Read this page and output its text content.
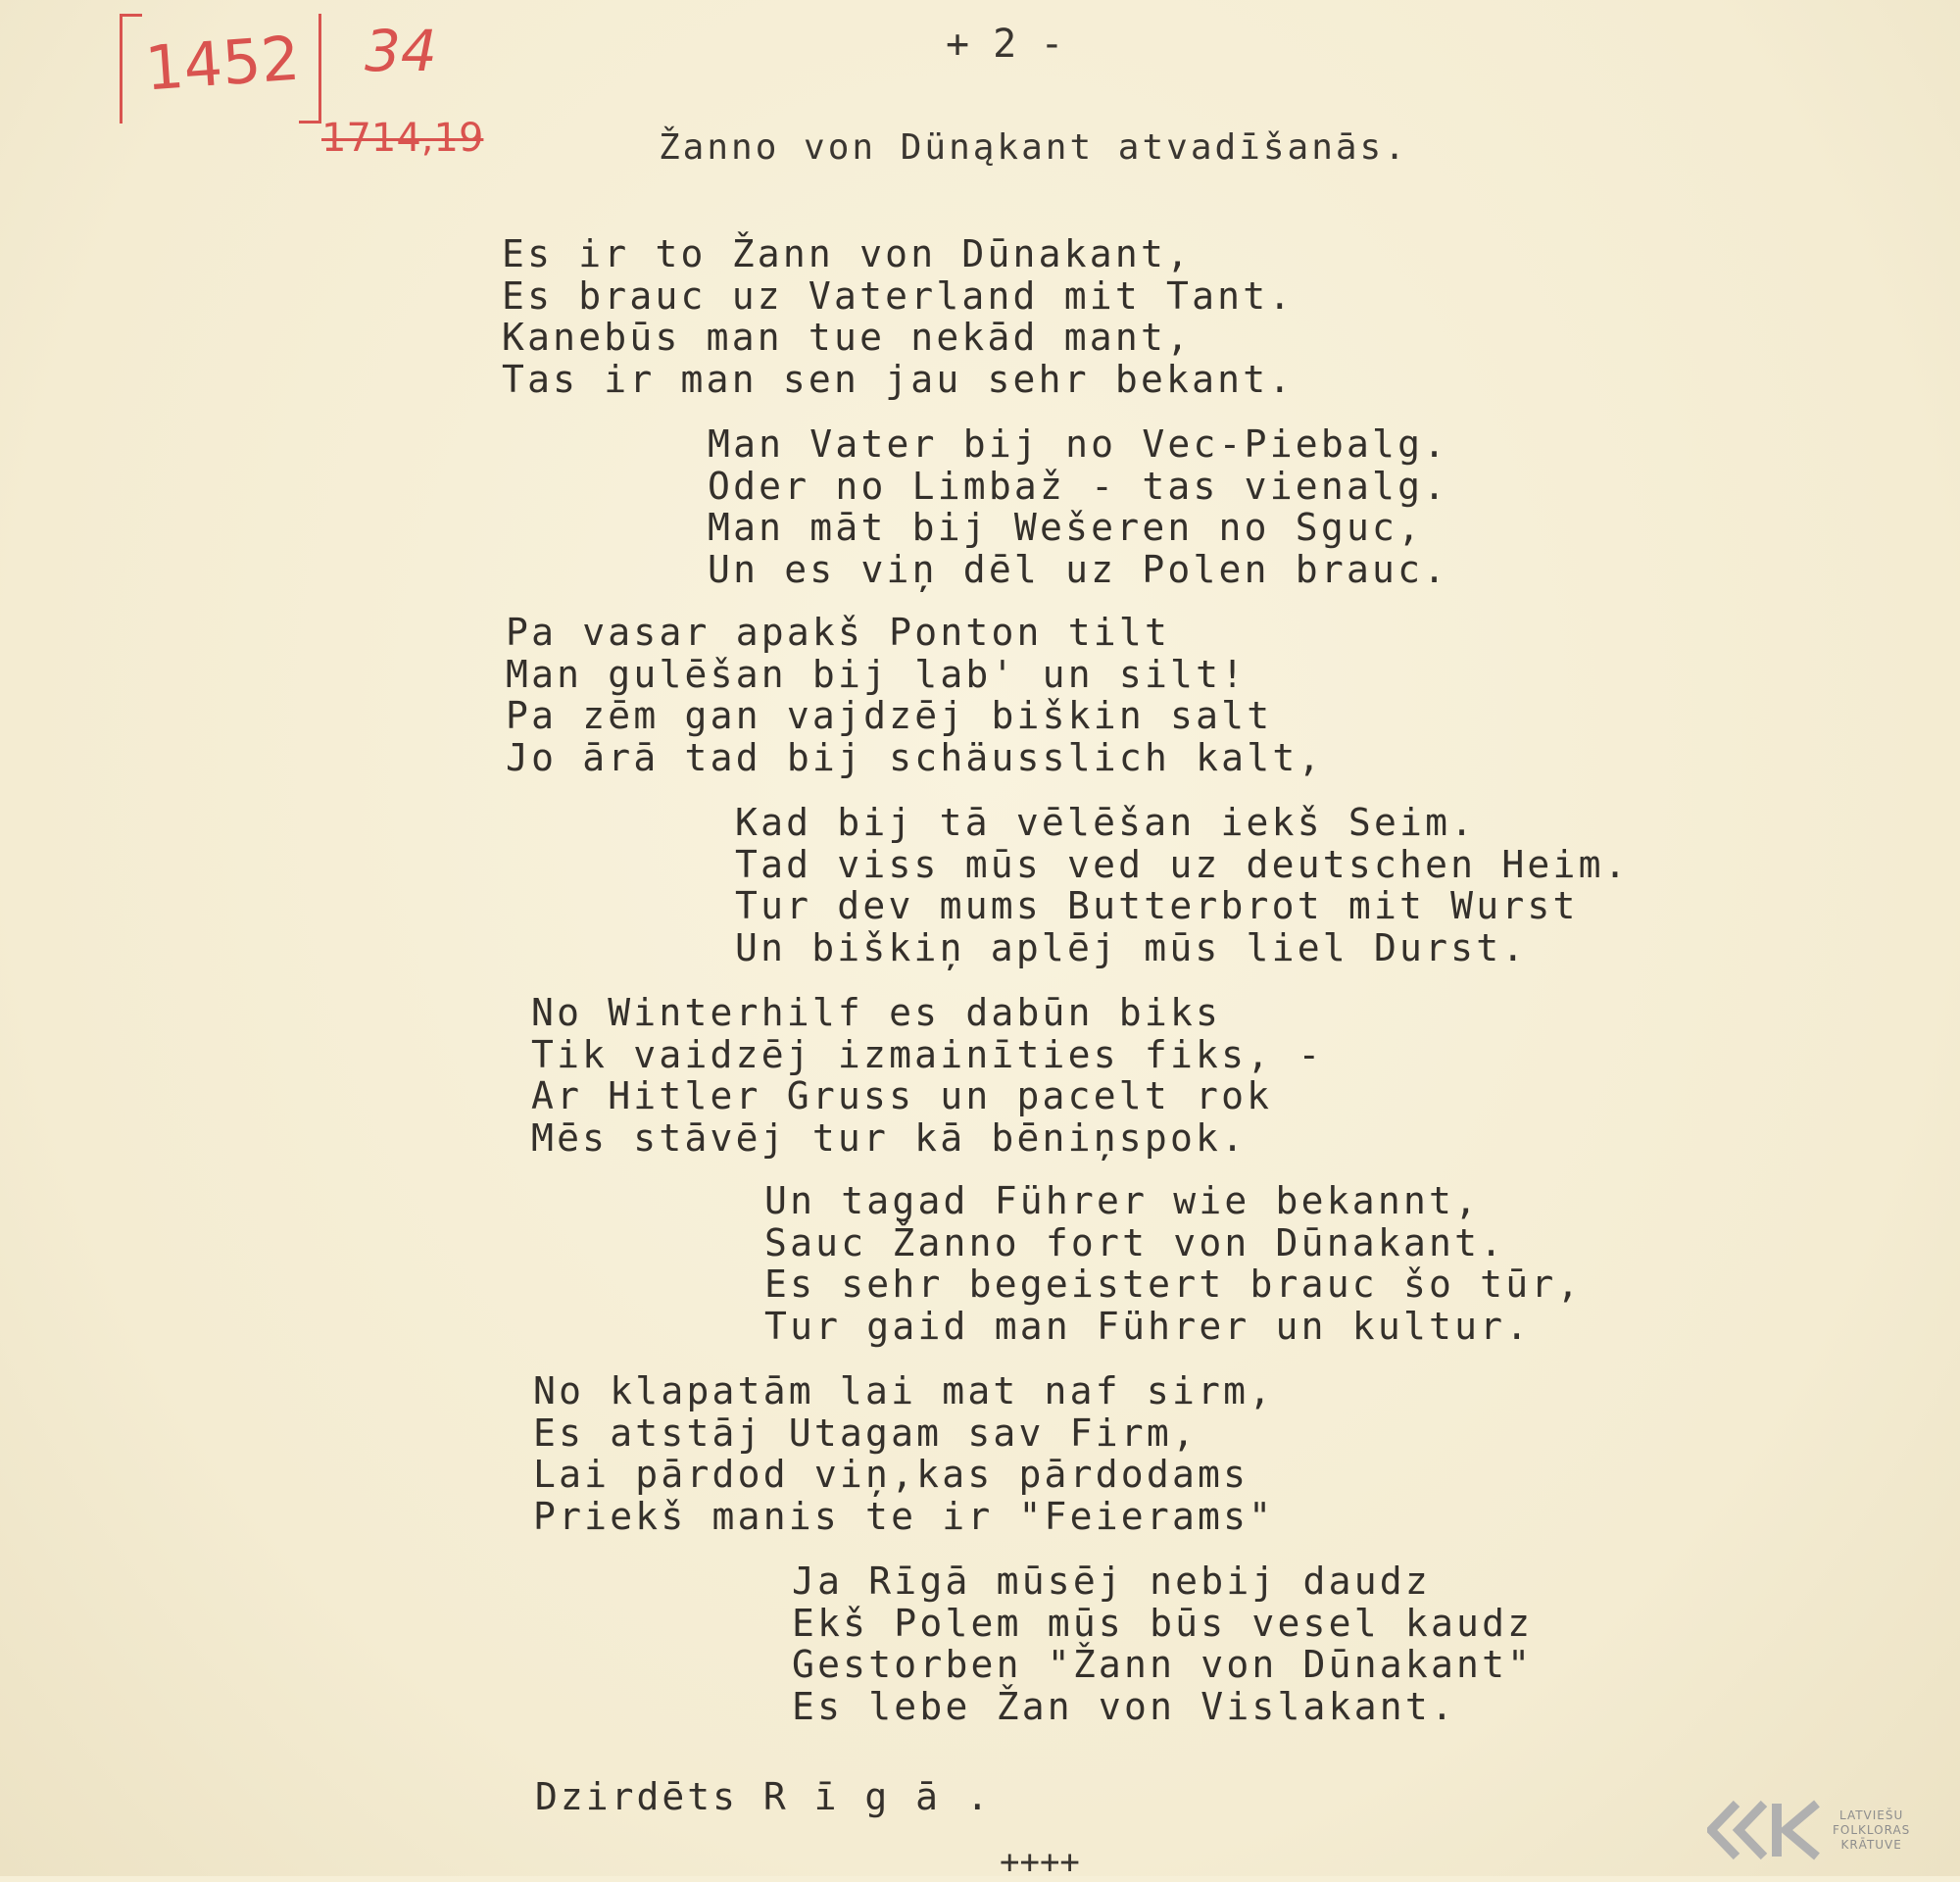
1452 34
1714,19
+ 2 -
Žanno von Dünąkant atvadīšanās.
Es ir to Žann von Dūnakant,
Es brauc uz Vaterland mit Tant.
Kanebūs man tue nekād mant,
Tas ir man sen jau sehr bekant.
Man Vater bij no Vec-Piebalg.
Oder no Limbaž - tas vienalg.
Man māt bij Wešeren no Sguc,
Un es viņ dēl uz Polen brauc.
Pa vasar apakš Ponton tilt
Man gulēšan bij lab' un silt!
Pa zēm gan vajdzēj biškin salt
Jo ārā tad bij schäusslich kalt,
Kad bij tā vēlēšan iekš Seim.
Tad viss mūs ved uz deutschen Heim.
Tur dev mums Butterbrot mit Wurst
Un biškiņ aplēj mūs liel Durst.
No Winterhilf es dabūn biks
Tik vaidzēj izmainīties fiks, -
Ar Hitler Gruss un pacelt rok
Mēs stāvēj tur kā bēniņspok.
Un tagad Führer wie bekannt,
Sauc Žanno fort von Dūnakant.
Es sehr begeistert brauc šo tūr,
Tur gaid man Führer un kultur.
No klapatām lai mat naf sirm,
Es atstāj Utagam sav Firm,
Lai pārdod viņ,kas pārdodams
Priekš manis te ir "Feierams"
Ja Rīgā mūsēj nebij daudz
Ekš Polem mūs būs vesel kaudz
Gestorben "Žann von Dūnakant"
Es lebe Žan von Vislakant.
Dzirdēts R ī g ā .
++++
LATVIEŠU
FOLKLORAS
KRĀTUVE
